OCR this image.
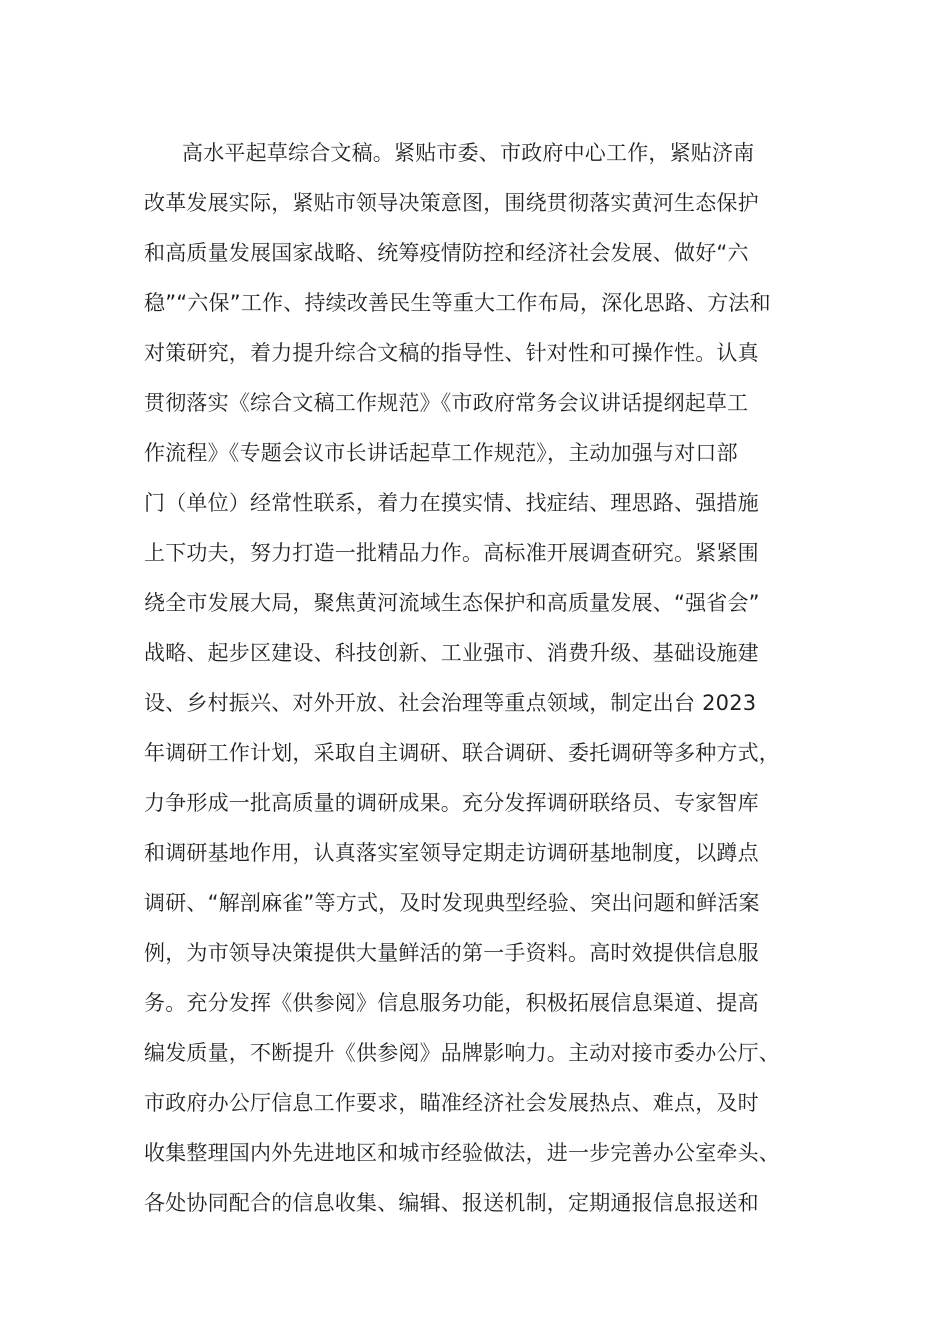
高水平起草综合文稿。紧贴市委、市政府中心工作，紧贴济南
改革发展实际，紧贴市领导决策意图，围绕贯彻落实黄河生态保护
和高质量发展国家战略、统筹疫情防控和经济社会发展、做好“六
稳”“六保”工作、持续改善民生等重大工作布局，深化思路、方法和
对策研究，着力提升综合文稿的指导性、针对性和可操作性。认真
贯彻落实《综合文稿工作规范》《市政府常务会议讲话提纲起草工
作流程》《专题会议市长讲话起草工作规范》，主动加强与对口部
门（单位）经常性联系，着力在摸实情、找症结、理思路、强措施
上下功夫，努力打造一批精品力作。高标准开展调查研究。紧紧围
绕全市发展大局，聚焦黄河流域生态保护和高质量发展、“强省会”
战略、起步区建设、科技创新、工业强市、消费升级、基础设施建
设、乡村振兴、对外开放、社会治理等重点领域，制定出台 2023
年调研工作计划，采取自主调研、联合调研、委托调研等多种方式，
力争形成一批高质量的调研成果。充分发挥调研联络员、专家智库
和调研基地作用，认真落实室领导定期走访调研基地制度，以蹲点
调研、“解剖麻雀”等方式，及时发现典型经验、突出问题和鲜活案
例，为市领导决策提供大量鲜活的第一手资料。高时效提供信息服
务。充分发挥《供参阅》信息服务功能，积极拓展信息渠道、提高
编发质量，不断提升《供参阅》品牌影响力。主动对接市委办公厅、
市政府办公厅信息工作要求，瞄准经济社会发展热点、难点，及时
收集整理国内外先进地区和城市经验做法，进一步完善办公室牵头、
各处协同配合的信息收集、编辑、报送机制，定期通报信息报送和
